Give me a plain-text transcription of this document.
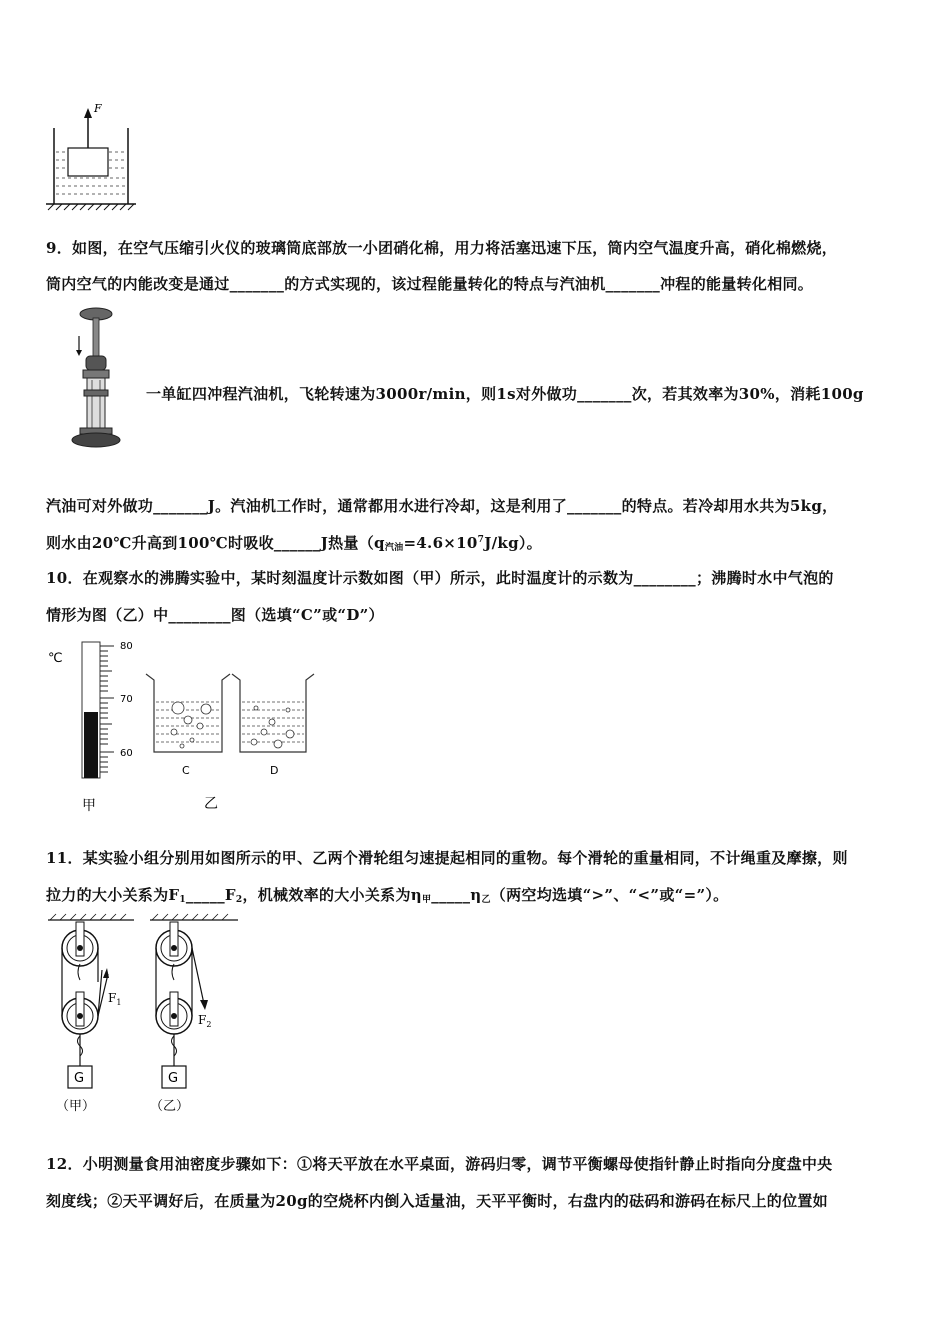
F
9．如图，在空气压缩引火仪的玻璃筒底部放一小团硝化棉，用力将活塞迅速下压，筒内空气温度升高，硝化棉燃烧，
筒内空气的内能改变是通过_______的方式实现的，该过程能量转化的特点与汽油机_______冲程的能量转化相同。
一单缸四冲程汽油机，飞轮转速为3000r/min，则1s对外做功_______次，若其效率为30%，消耗100g
汽油可对外做功_______J。汽油机工作时，通常都用水进行冷却，这是利用了_______的特点。若冷却用水共为5kg，
则水由20℃升高到100℃时吸收______J热量$(q_{汽油}=4.6\times 10^7J/kg)$。
10．在观察水的沸腾实验中，某时刻温度计示数如图（甲）所示，此时温度计的示数为________；沸腾时水中气泡的
情形为图（乙）中________图（选填“C”或“D”）
℃
80
70
60
甲
C	D
乙
11．某实验小组分别用如图所示的甲、乙两个滑轮组匀速提起相同的重物。每个滑轮的重量相同，不计绳重及摩擦，则
拉力的大小关系为$F_1\_\_\_\_\_F_2$，机械效率的大小关系为$\eta_甲\_\_\_\_\_\eta_乙$（两空均选填“>”、“<”或“=”）。
$F_1$
G
（甲）
$F_2$
G
（乙）
12．小明测量食用油密度步骤如下：①将天平放在水平桌面，游码归零，调节平衡螺母使指针静止时指向分度盘中央
刻度线；②天平调好后，在质量为20g的空烧杯内倒入适量油，天平平衡时，右盘内的砝码和游码在标尺上的位置如
